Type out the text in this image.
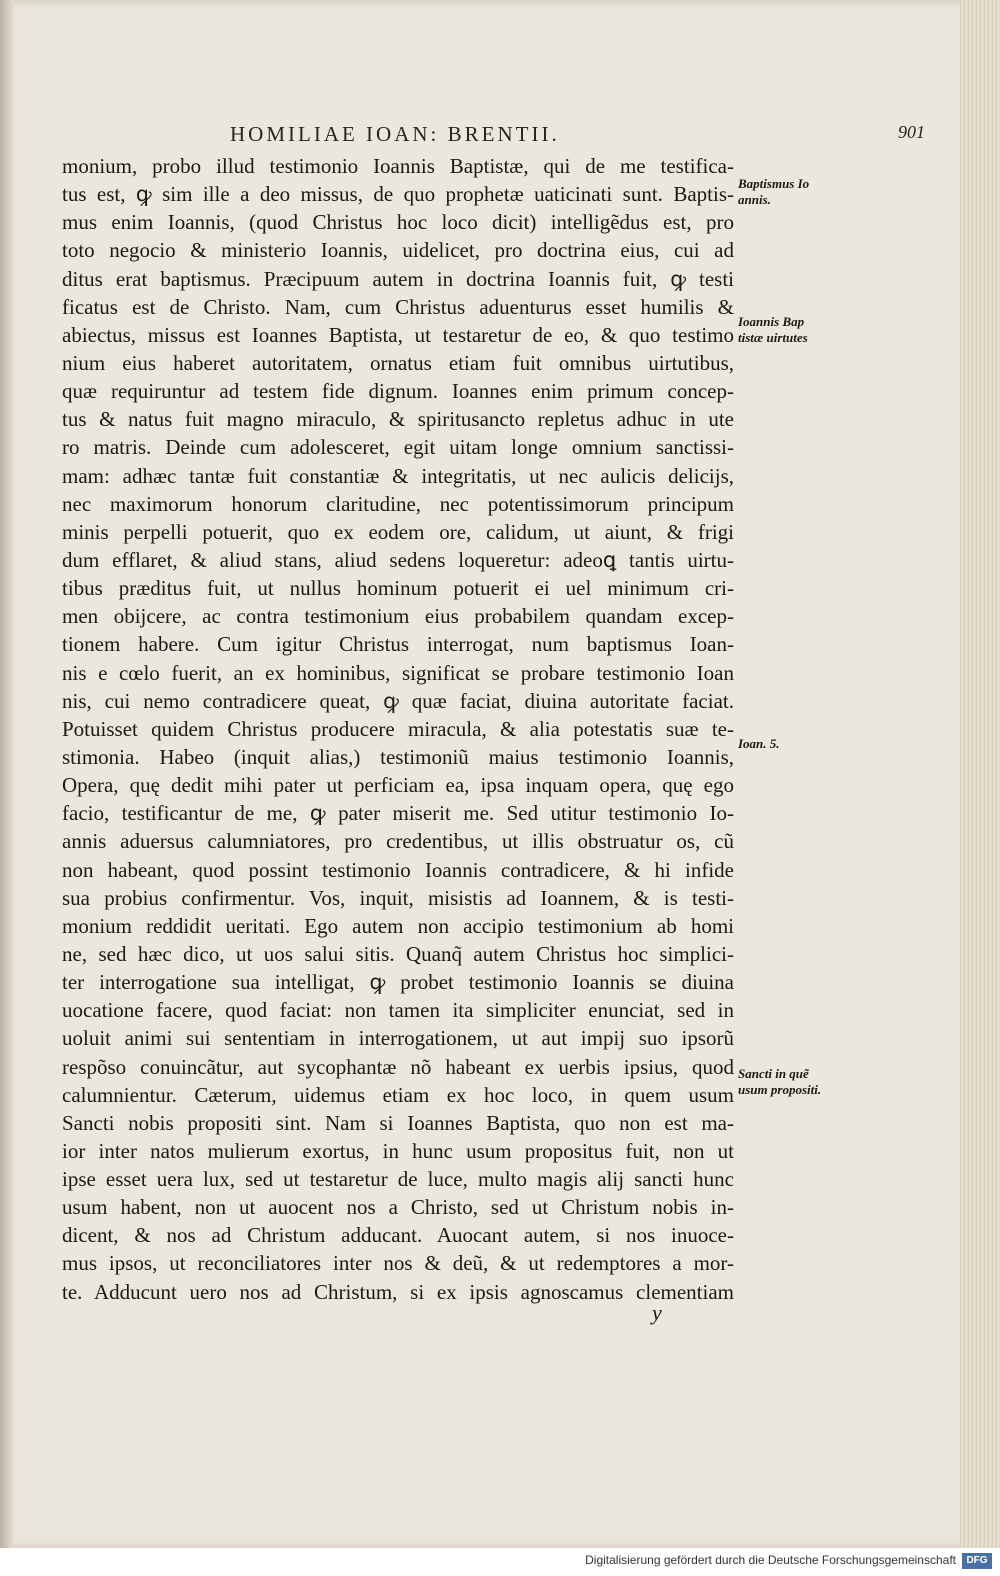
HOMILIAE IOAN: BRENTII.	901
monium, probo illud testimonio Ioannis Baptistæ, qui de me testifica-
tus est, ꝙ sim ille a deo missus, de quo prophetæ uaticinati sunt. Baptis-
mus enim Ioannis, (quod Christus hoc loco dicit) intelligẽdus est, pro
toto negocio & ministerio Ioannis, uidelicet, pro doctrina eius, cui ad
ditus erat baptismus. Præcipuum autem in doctrina Ioannis fuit, ꝙ testi
ficatus est de Christo. Nam, cum Christus aduenturus esset humilis &
abiectus, missus est Ioannes Baptista, ut testaretur de eo, & quo testimo
nium eius haberet autoritatem, ornatus etiam fuit omnibus uirtutibus,
quæ requiruntur ad testem fide dignum. Ioannes enim primum concep-
tus & natus fuit magno miraculo, & spiritusancto repletus adhuc in ute
ro matris. Deinde cum adolesceret, egit uitam longe omnium sanctissi-
mam: adhæc tantæ fuit constantiæ & integritatis, ut nec aulicis delicijs,
nec maximorum honorum claritudine, nec potentissimorum principum
minis perpelli potuerit, quo ex eodem ore, calidum, ut aiunt, & frigi
dum efflaret, & aliud stans, aliud sedens loqueretur: adeoꝗ tantis uirtu-
tibus præditus fuit, ut nullus hominum potuerit ei uel minimum cri-
men obijcere, ac contra testimonium eius probabilem quandam excep-
tionem habere. Cum igitur Christus interrogat, num baptismus Ioan-
nis e cœlo fuerit, an ex hominibus, significat se probare testimonio Ioan
nis, cui nemo contradicere queat, ꝙ quæ faciat, diuina autoritate faciat.
Potuisset quidem Christus producere miracula, & alia potestatis suæ te-
stimonia. Habeo (inquit alias,) testimoniũ maius testimonio Ioannis,
Opera, quę dedit mihi pater ut perficiam ea, ipsa inquam opera, quę ego
facio, testificantur de me, ꝙ pater miserit me. Sed utitur testimonio Io-
annis aduersus calumniatores, pro credentibus, ut illis obstruatur os, cũ
non habeant, quod possint testimonio Ioannis contradicere, & hi infide
sua probius confirmentur. Vos, inquit, misistis ad Ioannem, & is testi-
monium reddidit ueritati. Ego autem non accipio testimonium ab homi
ne, sed hæc dico, ut uos salui sitis. Quanq̃ autem Christus hoc simplici-
ter interrogatione sua intelligat, ꝙ probet testimonio Ioannis se diuina
uocatione facere, quod faciat: non tamen ita simpliciter enunciat, sed in
uoluit animi sui sententiam in interrogationem, ut aut impij suo ipsorũ
respõso conuincãtur, aut sycophantæ nõ habeant ex uerbis ipsius, quod
calumnientur. Cæterum, uidemus etiam ex hoc loco, in quem usum
Sancti nobis propositi sint. Nam si Ioannes Baptista, quo non est ma-
ior inter natos mulierum exortus, in hunc usum propositus fuit, non ut
ipse esset uera lux, sed ut testaretur de luce, multo magis alij sancti hunc
usum habent, non ut auocent nos a Christo, sed ut Christum nobis in-
dicent, & nos ad Christum adducant. Auocant autem, si nos inuoce-
mus ipsos, ut reconciliatores inter nos & deũ, & ut redemptores a mor-
te. Adducunt uero nos ad Christum, si ex ipsis agnoscamus clementiam
Baptismus Io annis.
Ioannis Bap tistæ uirtutes
Ioan. 5.
Sancti in quẽ usum propositi.
y
Digitalisierung gefördert durch die Deutsche Forschungsgemeinschaft	DFG
